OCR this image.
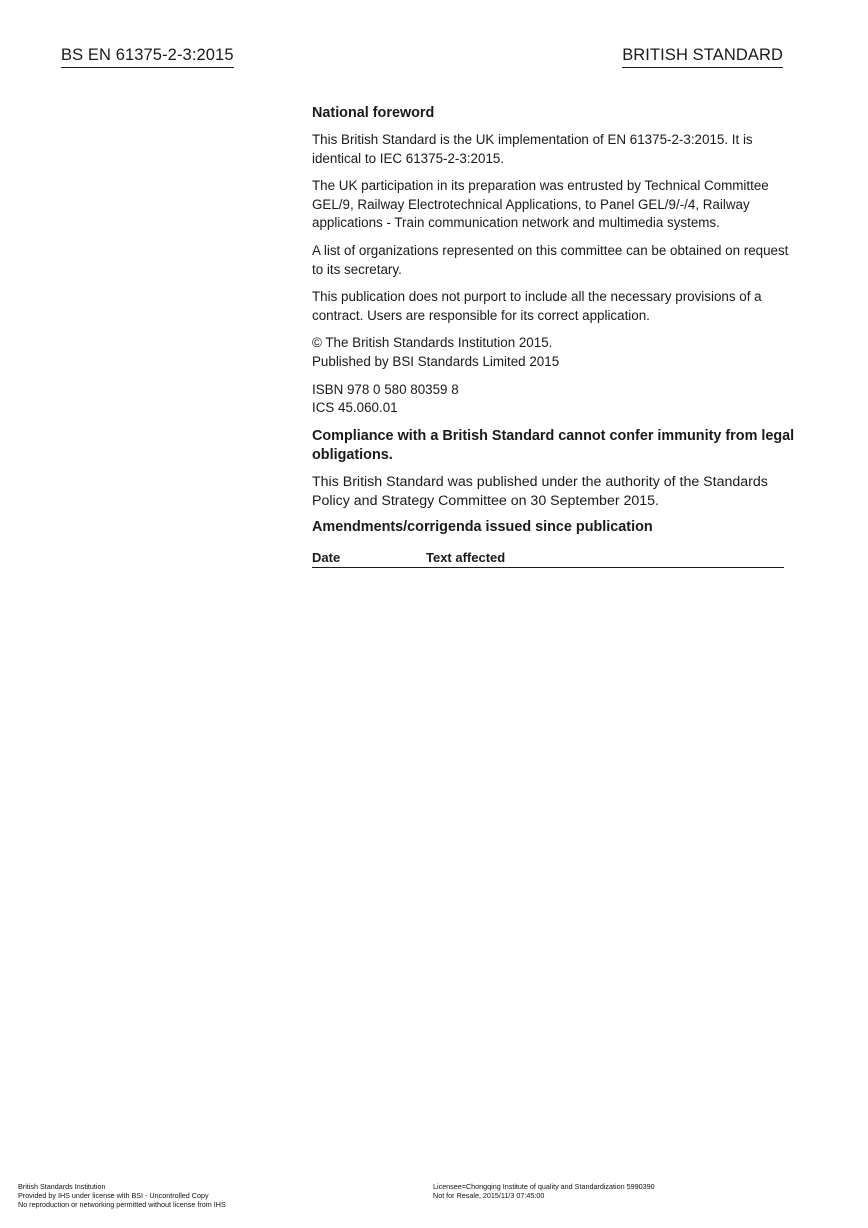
BS EN 61375-2-3:2015	BRITISH STANDARD
National foreword

This British Standard is the UK implementation of EN 61375-2-3:2015. It is identical to IEC 61375-2-3:2015.

The UK participation in its preparation was entrusted by Technical Committee GEL/9, Railway Electrotechnical Applications, to Panel GEL/9/-/4, Railway applications - Train communication network and multimedia systems.

A list of organizations represented on this committee can be obtained on request to its secretary.

This publication does not purport to include all the necessary provisions of a contract. Users are responsible for its correct application.

© The British Standards Institution 2015.
Published by BSI Standards Limited 2015

ISBN 978 0 580 80359 8
ICS 45.060.01

Compliance with a British Standard cannot confer immunity from legal obligations.

This British Standard was published under the authority of the Standards Policy and Strategy Committee on 30 September 2015.

Amendments/corrigenda issued since publication
Date	Text affected
British Standards Institution
Provided by IHS under license with BSI - Uncontrolled Copy
No reproduction or networking permitted without license from IHS
Licensee=Chongqing Institute of quality and Standardization 5990390
Not for Resale, 2015/11/3 07:45:00
